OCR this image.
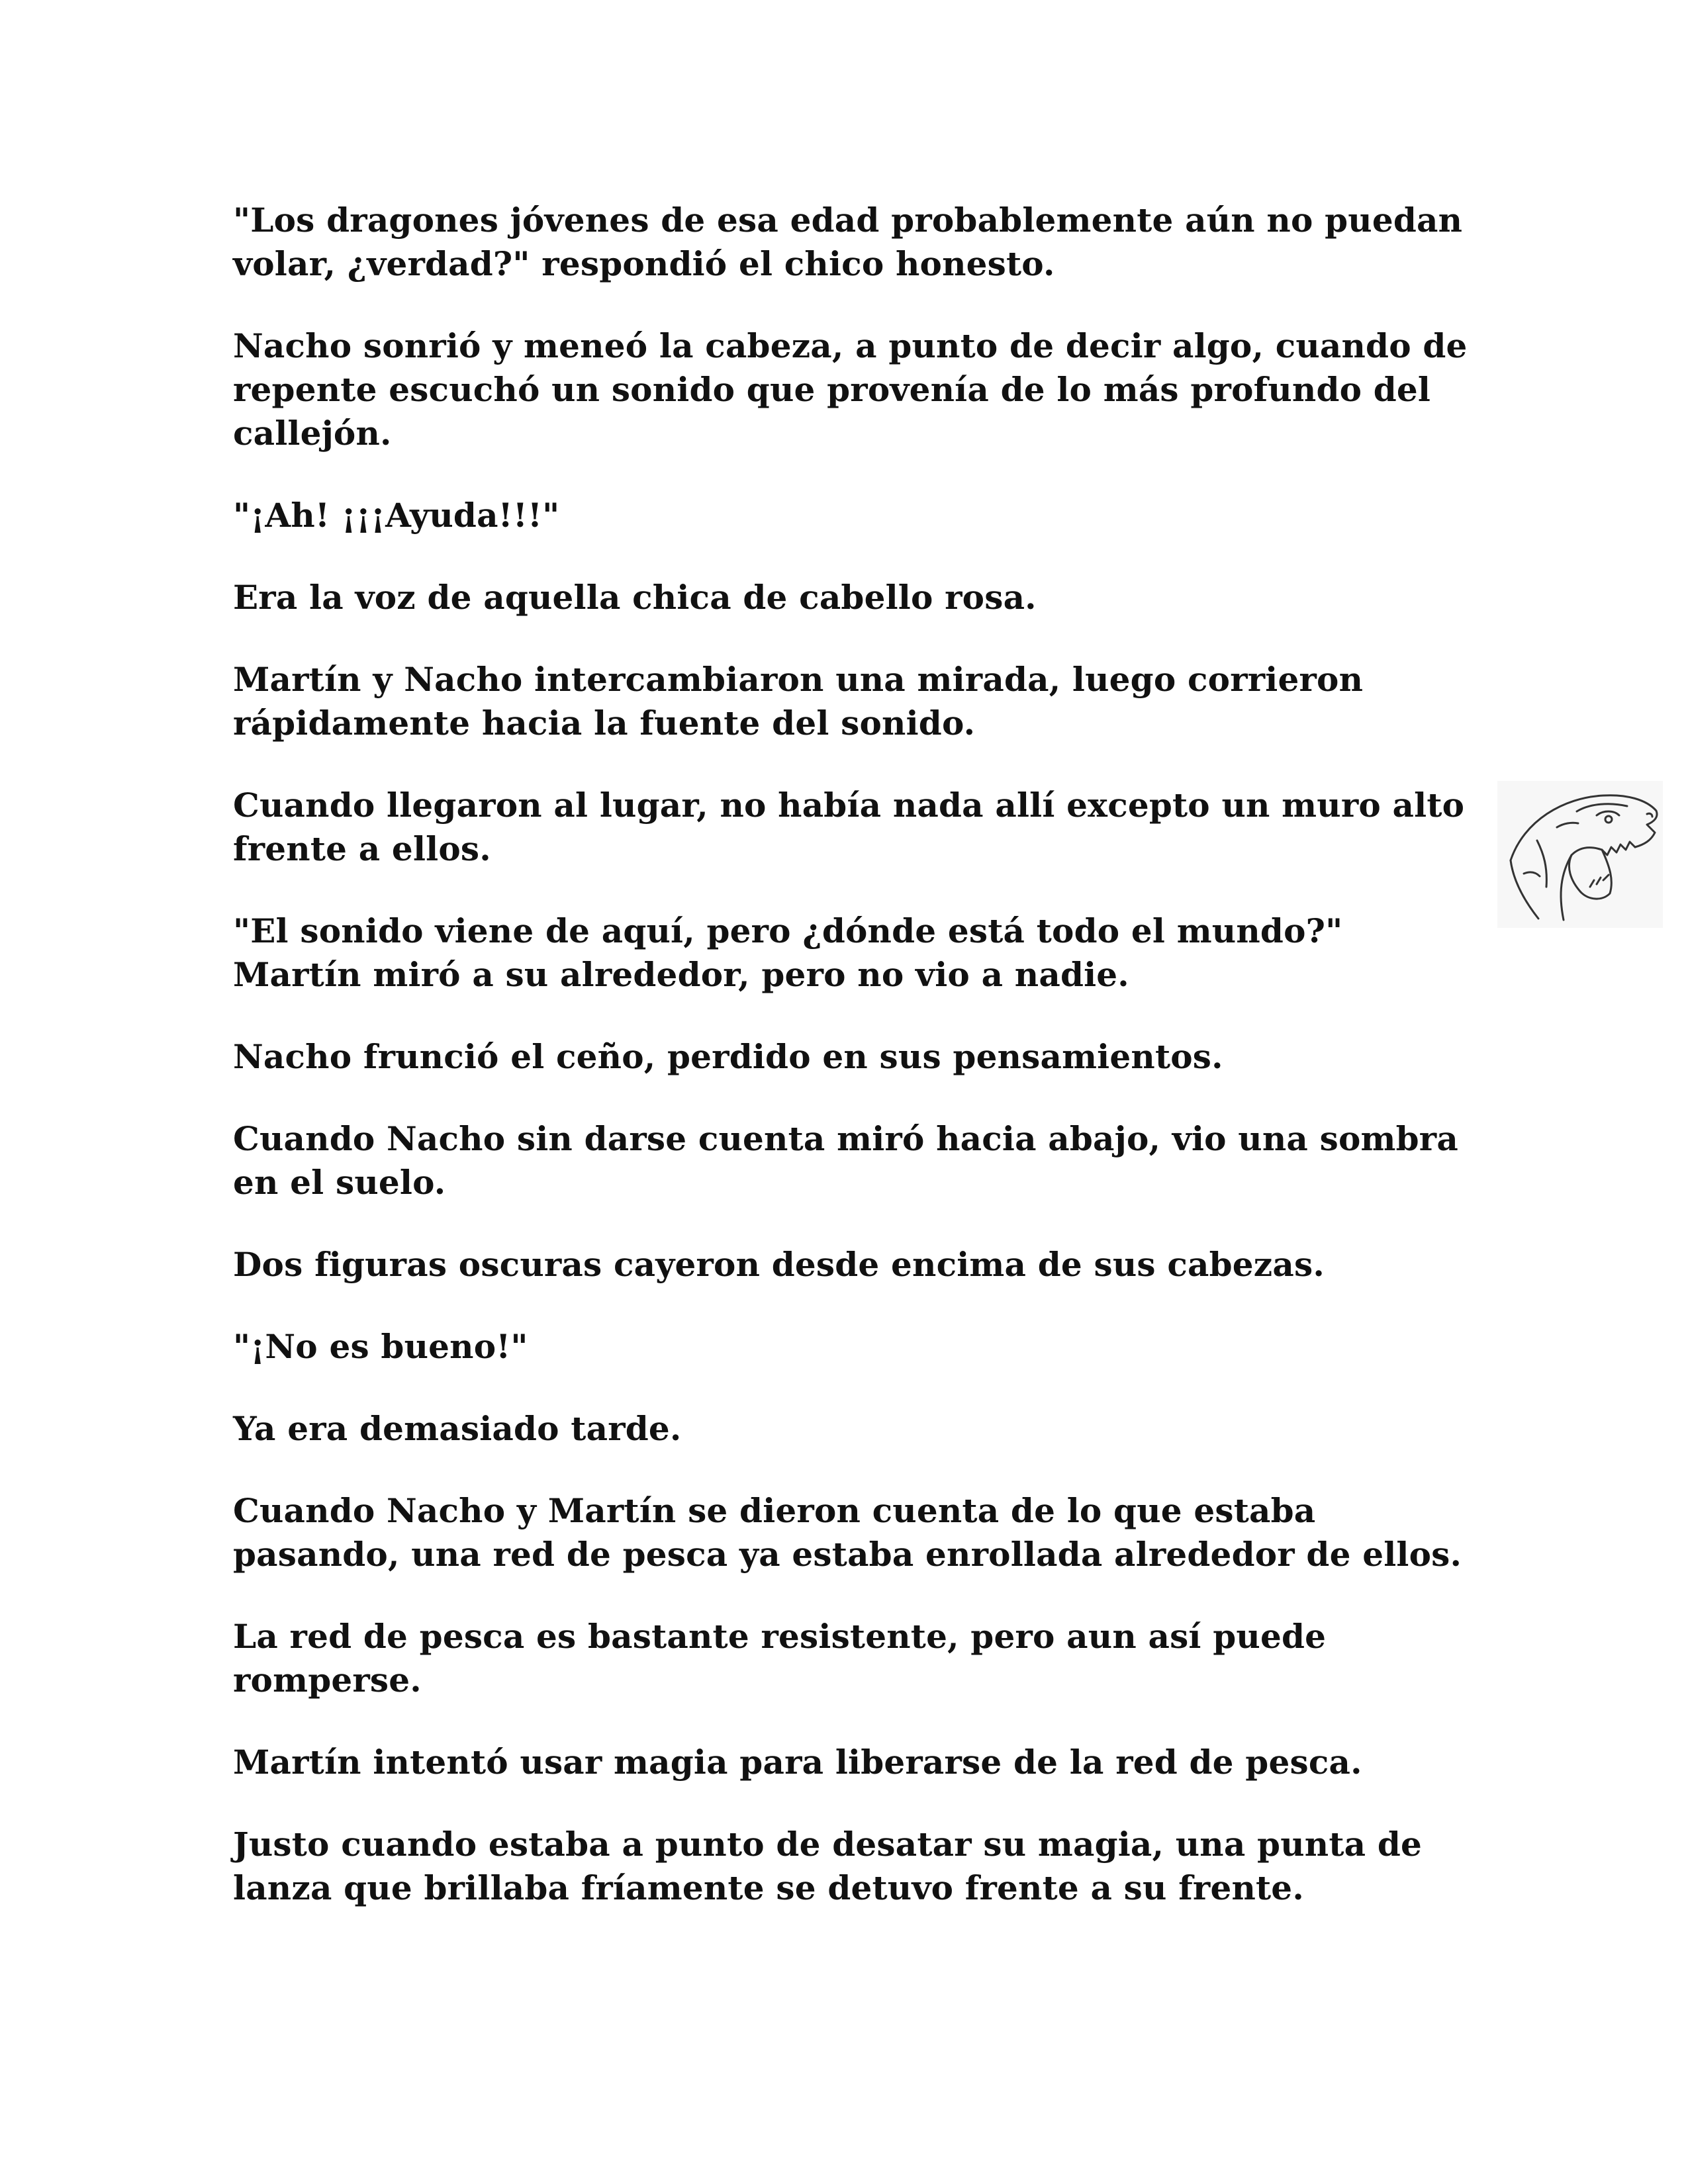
"Los dragones jóvenes de esa edad probablemente aún no puedan volar, ¿verdad?" respondió el chico honesto.

Nacho sonrió y meneó la cabeza, a punto de decir algo, cuando de repente escuchó un sonido que provenía de lo más profundo del callejón.

"¡Ah! ¡¡¡Ayuda!!!"

Era la voz de aquella chica de cabello rosa.

Martín y Nacho intercambiaron una mirada, luego corrieron rápidamente hacia la fuente del sonido.

Cuando llegaron al lugar, no había nada allí excepto un muro alto frente a ellos.

"El sonido viene de aquí, pero ¿dónde está todo el mundo?" Martín miró a su alrededor, pero no vio a nadie.

Nacho frunció el ceño, perdido en sus pensamientos.

Cuando Nacho sin darse cuenta miró hacia abajo, vio una sombra en el suelo.

Dos figuras oscuras cayeron desde encima de sus cabezas.

"¡No es bueno!"

Ya era demasiado tarde.

Cuando Nacho y Martín se dieron cuenta de lo que estaba pasando, una red de pesca ya estaba enrollada alrededor de ellos.

La red de pesca es bastante resistente, pero aun así puede romperse.

Martín intentó usar magia para liberarse de la red de pesca.

Justo cuando estaba a punto de desatar su magia, una punta de lanza que brillaba fríamente se detuvo frente a su frente.
